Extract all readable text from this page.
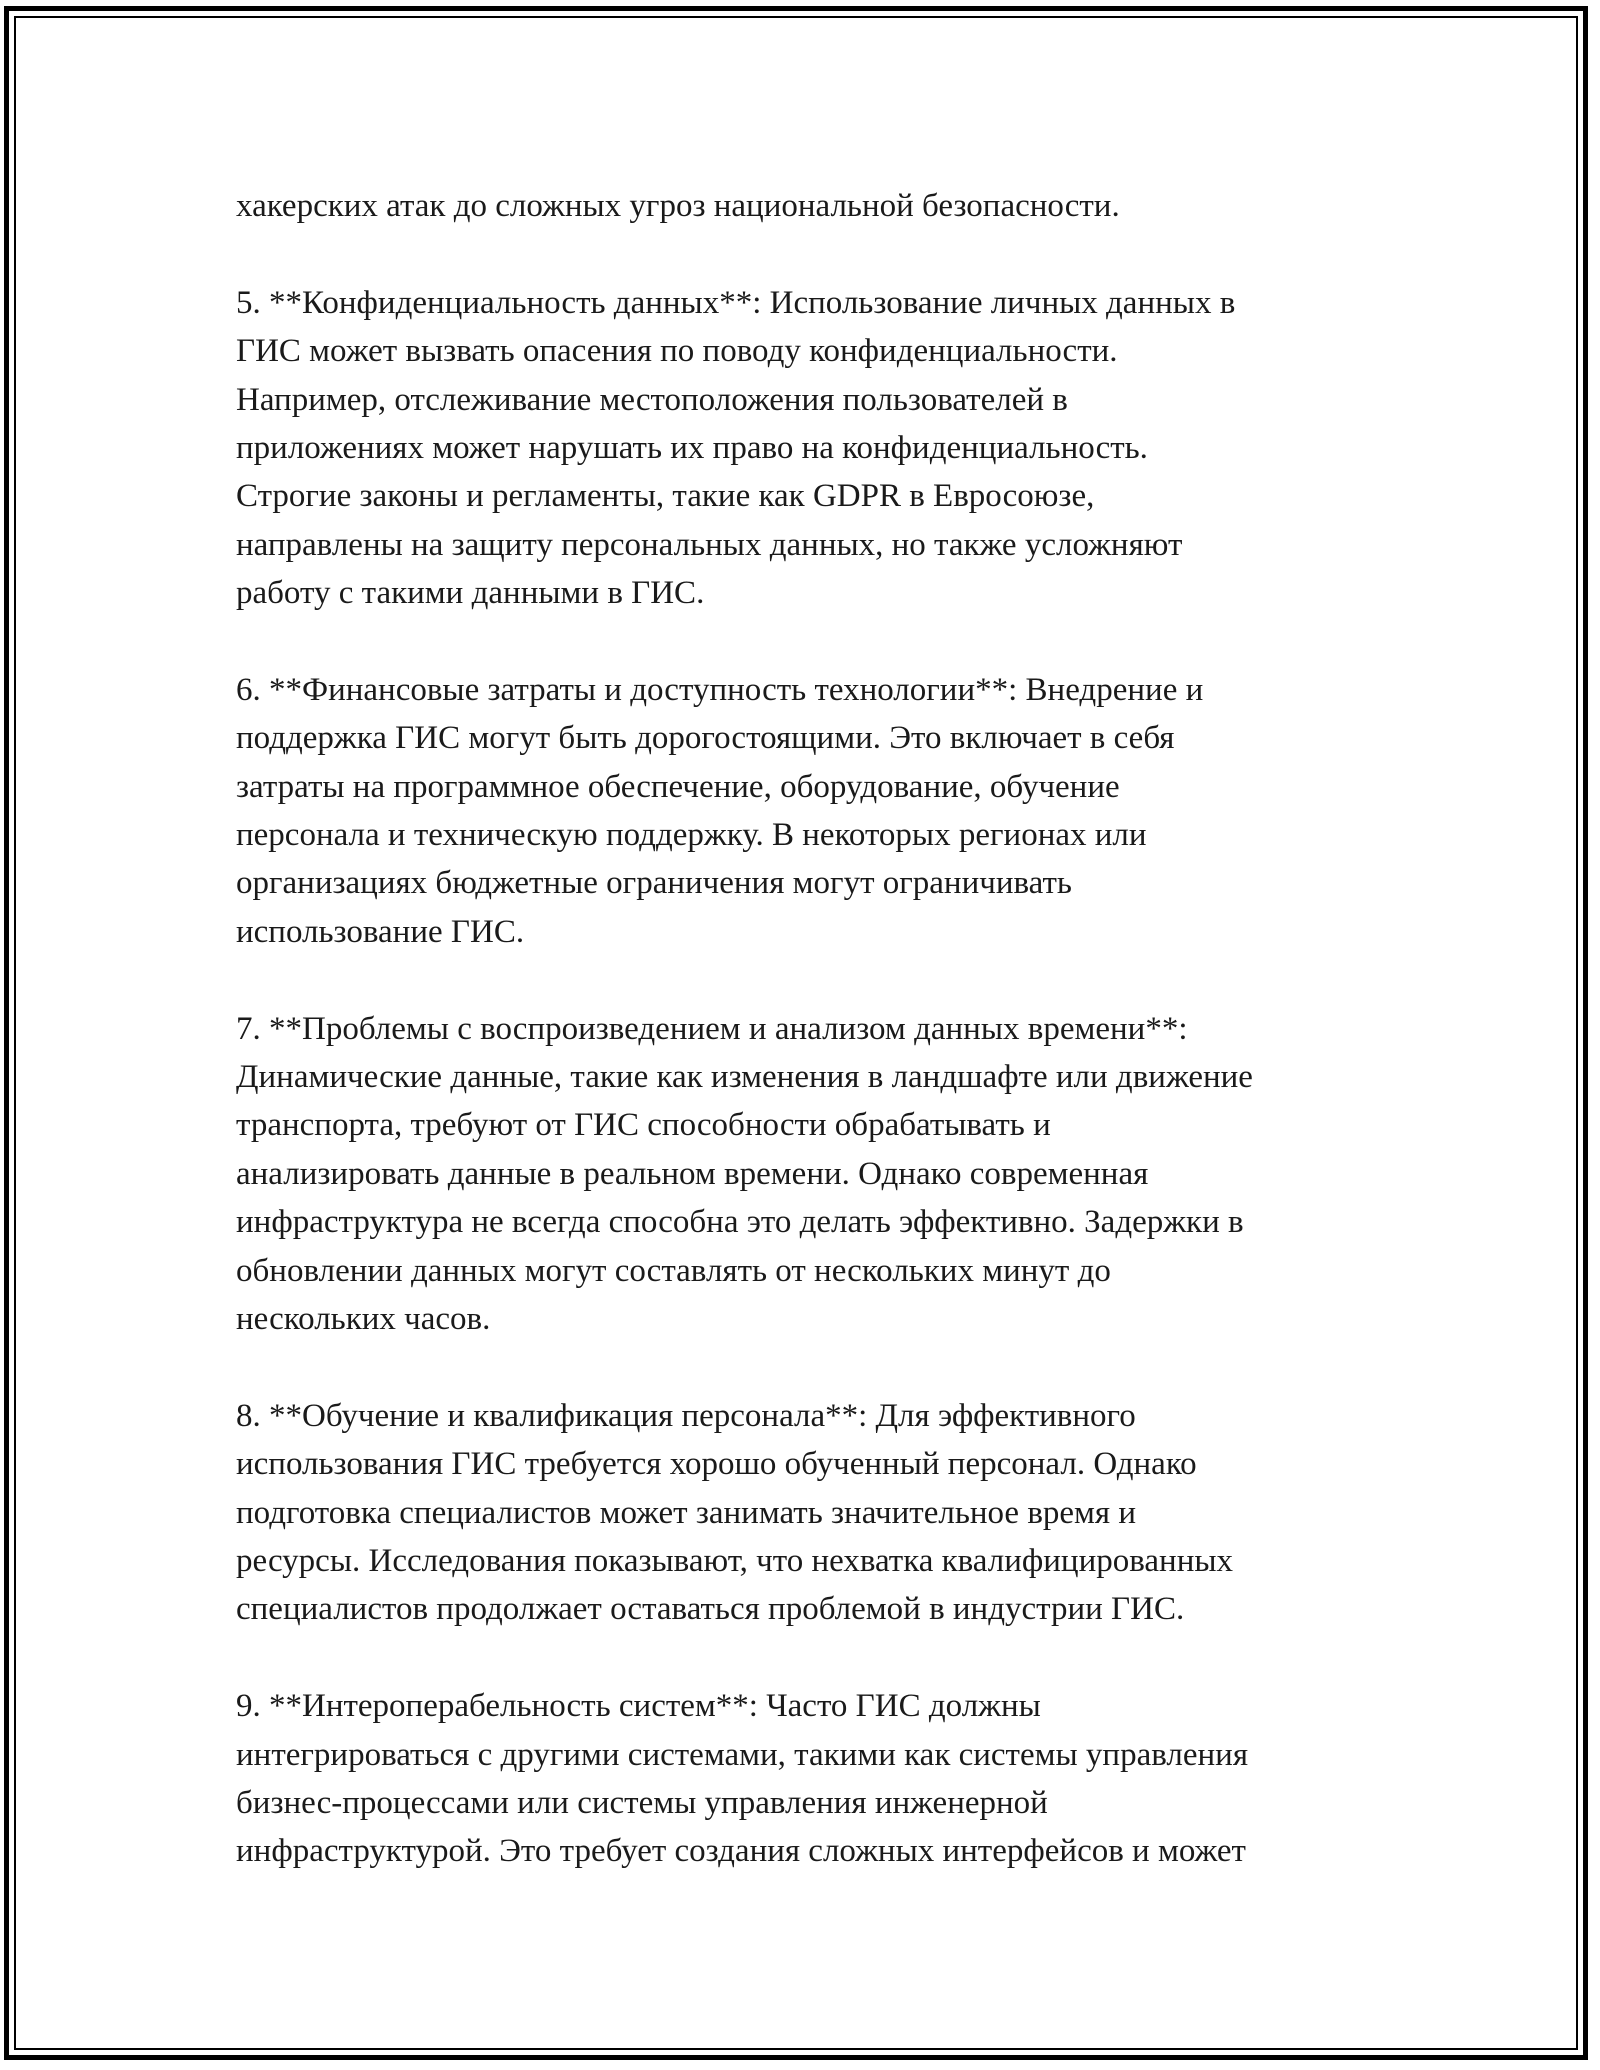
хакерских атак до сложных угроз национальной безопасности.

5. **Конфиденциальность данных**: Использование личных данных в
ГИС может вызвать опасения по поводу конфиденциальности.
Например, отслеживание местоположения пользователей в
приложениях может нарушать их право на конфиденциальность.
Строгие законы и регламенты, такие как GDPR в Евросоюзе,
направлены на защиту персональных данных, но также усложняют
работу с такими данными в ГИС.

6. **Финансовые затраты и доступность технологии**: Внедрение и
поддержка ГИС могут быть дорогостоящими. Это включает в себя
затраты на программное обеспечение, оборудование, обучение
персонала и техническую поддержку. В некоторых регионах или
организациях бюджетные ограничения могут ограничивать
использование ГИС.

7. **Проблемы с воспроизведением и анализом данных времени**:
Динамические данные, такие как изменения в ландшафте или движение
транспорта, требуют от ГИС способности обрабатывать и
анализировать данные в реальном времени. Однако современная
инфраструктура не всегда способна это делать эффективно. Задержки в
обновлении данных могут составлять от нескольких минут до
нескольких часов.

8. **Обучение и квалификация персонала**: Для эффективного
использования ГИС требуется хорошо обученный персонал. Однако
подготовка специалистов может занимать значительное время и
ресурсы. Исследования показывают, что нехватка квалифицированных
специалистов продолжает оставаться проблемой в индустрии ГИС.

9. **Интероперабельность систем**: Часто ГИС должны
интегрироваться с другими системами, такими как системы управления
бизнес-процессами или системы управления инженерной
инфраструктурой. Это требует создания сложных интерфейсов и может
